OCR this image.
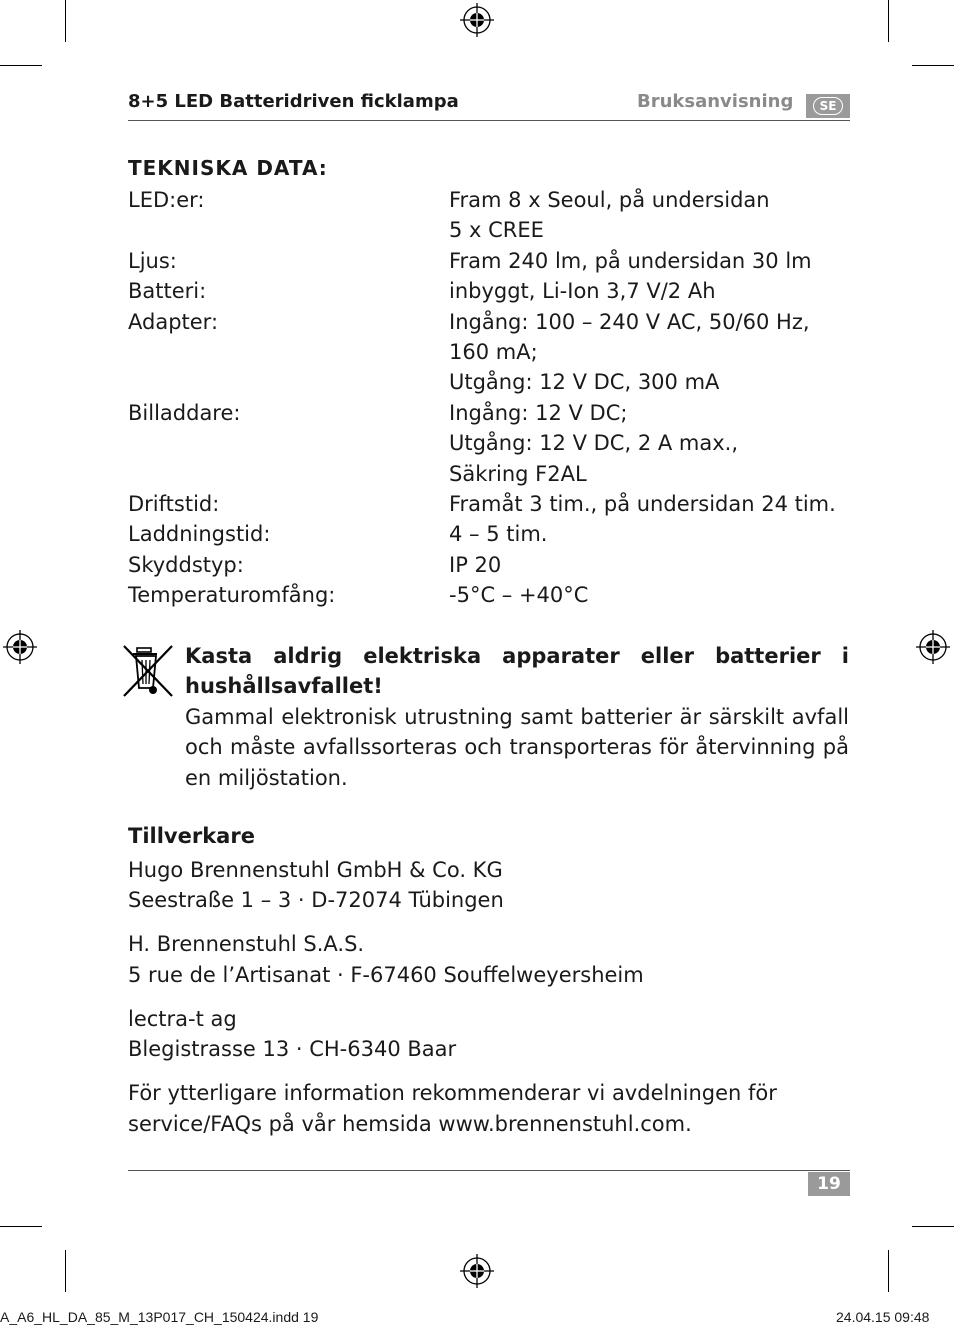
8+5 LED Batteridriven ficklampa	Bruksanvisning	SE
TEKNISKA DATA:
LED:er:	Fram 8 x Seoul, på undersidan
5 x CREE
Ljus:	Fram 240 lm, på undersidan 30 lm
Batteri:	inbyggt, Li-Ion 3,7 V/2 Ah
Adapter:	Ingång: 100 – 240 V AC, 50/60 Hz,
160 mA;
Utgång: 12 V DC, 300 mA
Billaddare:	Ingång: 12 V DC;
Utgång: 12 V DC, 2 A max.,
Säkring F2AL
Driftstid:	Framåt 3 tim., på undersidan 24 tim.
Laddningstid:	4 – 5 tim.
Skyddstyp:	IP 20
Temperaturomfång:	-5°C – +40°C
Kasta aldrig elektriska apparater eller batterier i
hushållsavfallet!
Gammal elektronisk utrustning samt batterier är särskilt avfall och måste avfallssorteras och transporteras för återvinning på en miljöstation.
Tillverkare
Hugo Brennenstuhl GmbH & Co. KG
Seestraße 1 – 3 · D-72074 Tübingen
H. Brennenstuhl S.A.S.
5 rue de l’Artisanat · F-67460 Souffelweyersheim
lectra-t ag
Blegistrasse 13 · CH-6340 Baar
För ytterligare information rekommenderar vi avdelningen för
service/FAQs på vår hemsida www.brennenstuhl.com.
19
A_A6_HL_DA_85_M_13P017_CH_150424.indd 19	24.04.15 09:48
